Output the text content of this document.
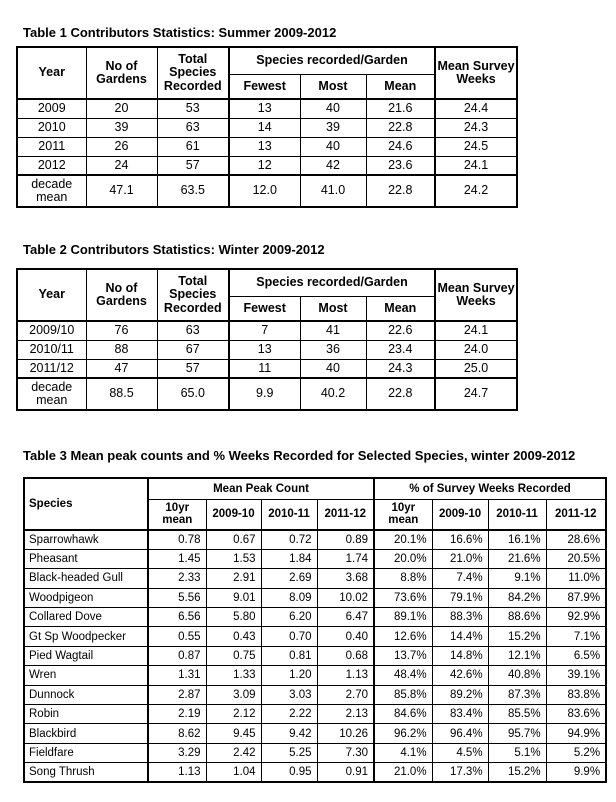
Table 1 Contributors Statistics: Summer 2009-2012
Year	No of Gardens	Total Species Recorded	Species recorded/Garden			Mean Survey Weeks
			Fewest	Most	Mean	
2009	20	53	13	40	21.6	24.4
2010	39	63	14	39	22.8	24.3
2011	26	61	13	40	24.6	24.5
2012	24	57	12	42	23.6	24.1
decade mean	47.1	63.5	12.0	41.0	22.8	24.2
Table 2 Contributors Statistics: Winter 2009-2012
Year	No of Gardens	Total Species Recorded	Species recorded/Garden			Mean Survey Weeks
			Fewest	Most	Mean	
2009/10	76	63	7	41	22.6	24.1
2010/11	88	67	13	36	23.4	24.0
2011/12	47	57	11	40	24.3	25.0
decade mean	88.5	65.0	9.9	40.2	22.8	24.7
Table 3 Mean peak counts and % Weeks Recorded for Selected Species, winter 2009-2012
Species	Mean Peak Count				% of Survey Weeks Recorded			
	10yr mean	2009-10	2010-11	2011-12	10yr mean	2009-10	2010-11	2011-12
Sparrowhawk	0.78	0.67	0.72	0.89	20.1%	16.6%	16.1%	28.6%
Pheasant	1.45	1.53	1.84	1.74	20.0%	21.0%	21.6%	20.5%
Black-headed Gull	2.33	2.91	2.69	3.68	8.8%	7.4%	9.1%	11.0%
Woodpigeon	5.56	9.01	8.09	10.02	73.6%	79.1%	84.2%	87.9%
Collared Dove	6.56	5.80	6.20	6.47	89.1%	88.3%	88.6%	92.9%
Gt Sp Woodpecker	0.55	0.43	0.70	0.40	12.6%	14.4%	15.2%	7.1%
Pied Wagtail	0.87	0.75	0.81	0.68	13.7%	14.8%	12.1%	6.5%
Wren	1.31	1.33	1.20	1.13	48.4%	42.6%	40.8%	39.1%
Dunnock	2.87	3.09	3.03	2.70	85.8%	89.2%	87.3%	83.8%
Robin	2.19	2.12	2.22	2.13	84.6%	83.4%	85.5%	83.6%
Blackbird	8.62	9.45	9.42	10.26	96.2%	96.4%	95.7%	94.9%
Fieldfare	3.29	2.42	5.25	7.30	4.1%	4.5%	5.1%	5.2%
Song Thrush	1.13	1.04	0.95	0.91	21.0%	17.3%	15.2%	9.9%
